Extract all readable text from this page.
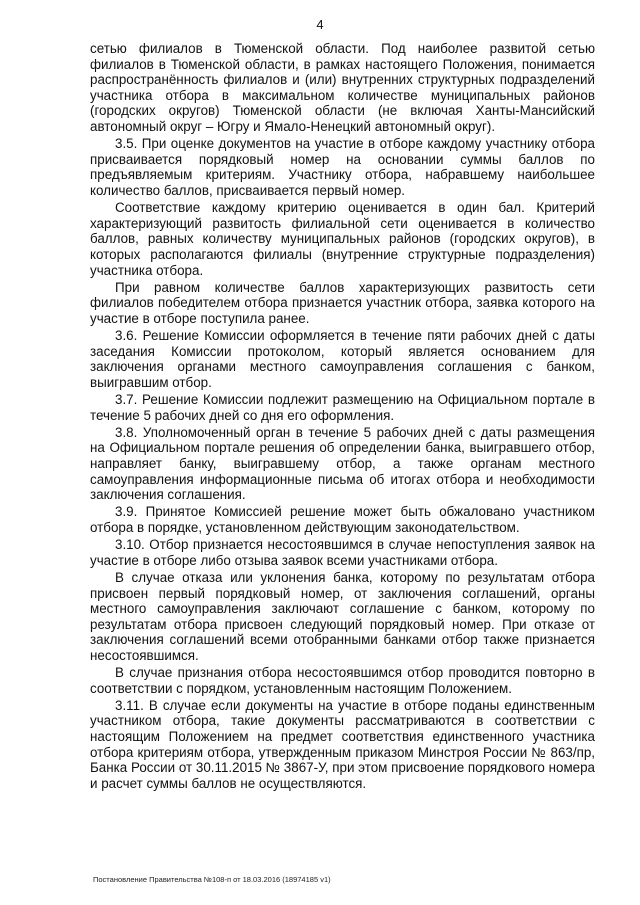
4

сетью филиалов в Тюменской области. Под наиболее развитой сетью филиалов в Тюменской области, в рамках настоящего Положения, понимается распространённость филиалов и (или) внутренних структурных подразделений участника отбора в максимальном количестве муниципальных районов (городских округов) Тюменской области (не включая Ханты-Мансийский автономный округ – Югру и Ямало-Ненецкий автономный округ).

3.5. При оценке документов на участие в отборе каждому участнику отбора присваивается порядковый номер на основании суммы баллов по предъявляемым критериям. Участнику отбора, набравшему наибольшее количество баллов, присваивается первый номер.

Соответствие каждому критерию оценивается в один бал. Критерий характеризующий развитость филиальной сети оценивается в количество баллов, равных количеству муниципальных районов (городских округов), в которых располагаются филиалы (внутренние структурные подразделения) участника отбора.

При равном количестве баллов характеризующих развитость сети филиалов победителем отбора признается участник отбора, заявка которого на участие в отборе поступила ранее.

3.6. Решение Комиссии оформляется в течение пяти рабочих дней с даты заседания Комиссии протоколом, который является основанием для заключения органами местного самоуправления соглашения с банком, выигравшим отбор.

3.7. Решение Комиссии подлежит размещению на Официальном портале в течение 5 рабочих дней со дня его оформления.

3.8. Уполномоченный орган в течение 5 рабочих дней с даты размещения на Официальном портале решения об определении банка, выигравшего отбор, направляет банку, выигравшему отбор, а также органам местного самоуправления информационные письма об итогах отбора и необходимости заключения соглашения.

3.9. Принятое Комиссией решение может быть обжаловано участником отбора в порядке, установленном действующим законодательством.

3.10. Отбор признается несостоявшимся в случае непоступления заявок на участие в отборе либо отзыва заявок всеми участниками отбора.

В случае отказа или уклонения банка, которому по результатам отбора присвоен первый порядковый номер, от заключения соглашений, органы местного самоуправления заключают соглашение с банком, которому по результатам отбора присвоен следующий порядковый номер. При отказе от заключения соглашений всеми отобранными банками отбор также признается несостоявшимся.

В случае признания отбора несостоявшимся отбор проводится повторно в соответствии с порядком, установленным настоящим Положением.

3.11. В случае если документы на участие в отборе поданы единственным участником отбора, такие документы рассматриваются в соответствии с настоящим Положением на предмет соответствия единственного участника отбора критериям отбора, утвержденным приказом Минстроя России № 863/пр, Банка России от 30.11.2015 № 3867-У, при этом присвоение порядкового номера и расчет суммы баллов не осуществляются.

Постановление Правительства №108-п от 18.03.2016 (18974185 v1)
